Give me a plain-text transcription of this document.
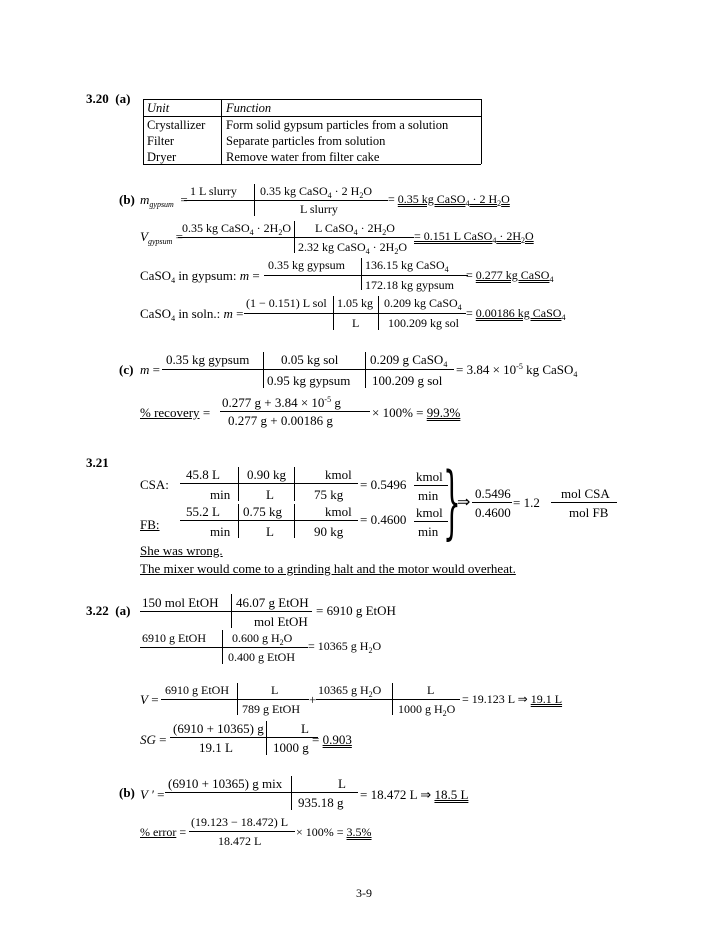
3.20 (a)
Unit	Function
Crystallizer	Form solid gypsum particles from a solution
Filter	Separate particles from solution
Dryer	Remove water from filter cake
(b) $m_{gypsum}$ =
1 L slurry 0.35 kg CaSO$_4$ · 2 $H_2O$
L slurry
= 0.35 kg CaSO$_4$ · 2 $H_2O$
$V_{gypsum}$ =
0.35 kg CaSO$_4$ · $2H_2O$ L CaSO$_4$ · $2H_2O$
2.32 kg CaSO$_4$ · $2H_2O$
= 0.151 L CaSO$_4$ · $2H_2O$
CaSO$_4$ in gypsum: m =
0.35 kg gypsum 136.15 kg CaSO$_4$
172.18 kg gypsum
= 0.277 kg CaSO$_4$
CaSO$_4$ in soln.: m =
(1 − 0.151) L sol 1.05 kg 0.209 kg CaSO$_4$
L 100.209 kg sol
= 0.00186 kg CaSO$_4$
(c) m =
0.35 kg gypsum 0.05 kg sol 0.209 g CaSO$_4$
0.95 kg gypsum 100.209 g sol
= $3.84 \times 10^{-5}$ kg CaSO$_4$
% recovery =
0.277 $g + 3.84 \times 10^{-5}$ g
0.277 g + 0.00186 g
× 100% = 99.3%
3.21
CSA:
45.8 L 0.90 kg	kmol
min	L	75 kg
= 0.5496
kmol
min
FB:
55.2 L 0.75 kg	kmol
min	L	90 kg
= 0.4600 kmol
min }
⇒
0.5496
0.4600
= 1.2
mol CSA
mol FB
She was wrong.
The mixer would come to a grinding halt and the motor would overheat.
3.22 (a)
150 mol EtOH 46.07 g EtOH
mol EtOH
= 6910 g EtOH
6910 g EtOH 0.600 g $H_2O$
0.400 g EtOH
= 10365 g $H_2O$
V =
6910 g EtOH	L
789 g EtOH
+
10365 g $H_2O$	L
1000 g $H_2O$
= 19.123 L ⇒ 19.1 L
SG =
(6910 + 10365) g	L
19.1 L	1000 g
= 0.903
(b) V ′ =
(6910 + 10365) g mix	L
935.18 g
= 18.472 L ⇒ 18.5 L
% error =
(19.123 − 18.472) L
18.472 L
× 100% = 3.5%
3-9
